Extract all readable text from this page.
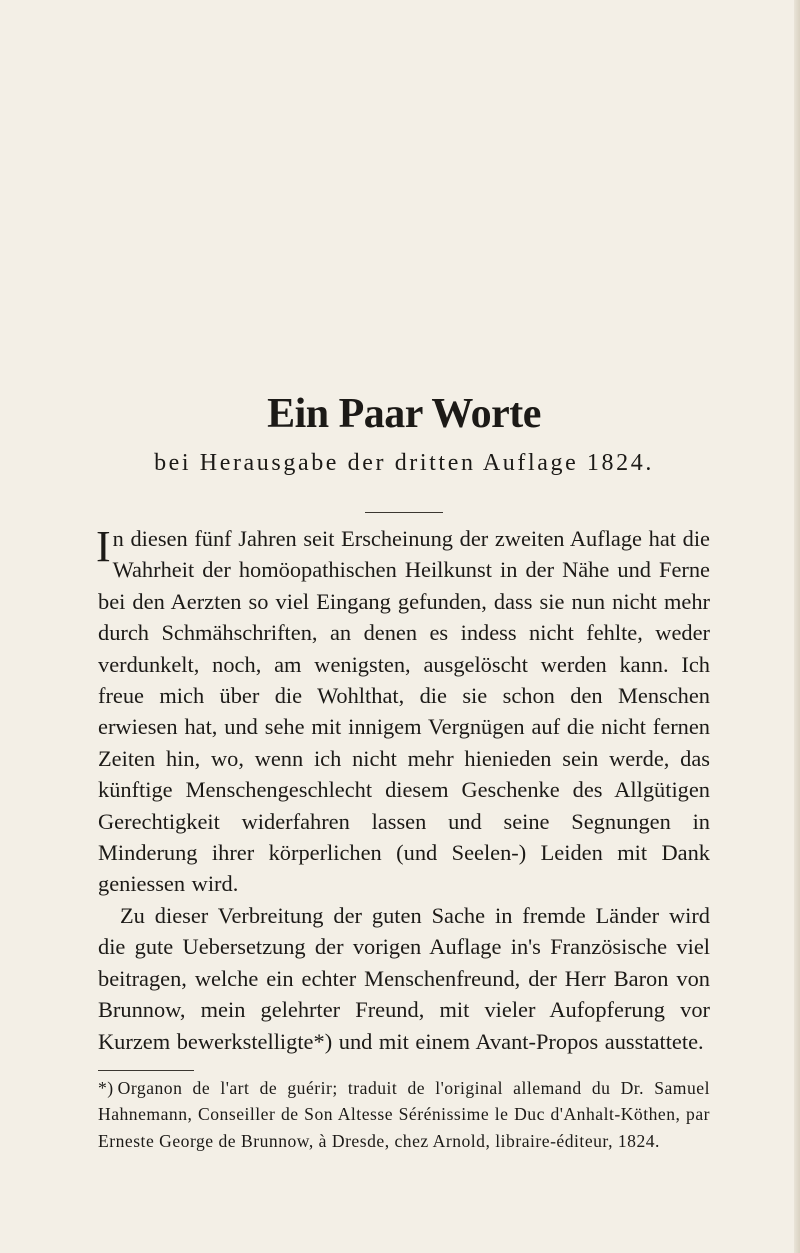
Ein Paar Worte
bei Herausgabe der dritten Auflage 1824.

In diesen fünf Jahren seit Erscheinung der zweiten Auflage hat die Wahrheit der homöopathischen Heilkunst in der Nähe und Ferne bei den Aerzten so viel Eingang gefunden, dass sie nun nicht mehr durch Schmähschriften, an denen es indess nicht fehlte, weder verdunkelt, noch, am wenigsten, ausgelöscht werden kann. Ich freue mich über die Wohlthat, die sie schon den Menschen erwiesen hat, und sehe mit innigem Vergnügen auf die nicht fernen Zeiten hin, wo, wenn ich nicht mehr hienieden sein werde, das künftige Menschengeschlecht diesem Geschenke des Allgütigen Gerechtigkeit widerfahren lassen und seine Segnungen in Minderung ihrer körperlichen (und Seelen-) Leiden mit Dank geniessen wird.

Zu dieser Verbreitung der guten Sache in fremde Länder wird die gute Uebersetzung der vorigen Auflage in's Französische viel beitragen, welche ein echter Menschenfreund, der Herr Baron von Brunnow, mein gelehrter Freund, mit vieler Aufopferung vor Kurzem bewerkstelligte*) und mit einem Avant-Propos ausstattete.

*) Organon de l'art de guérir; traduit de l'original allemand du Dr. Samuel Hahnemann, Conseiller de Son Altesse Sérénissime le Duc d'Anhalt-Köthen, par Erneste George de Brunnow, à Dresde, chez Arnold, libraire-éditeur, 1824.
